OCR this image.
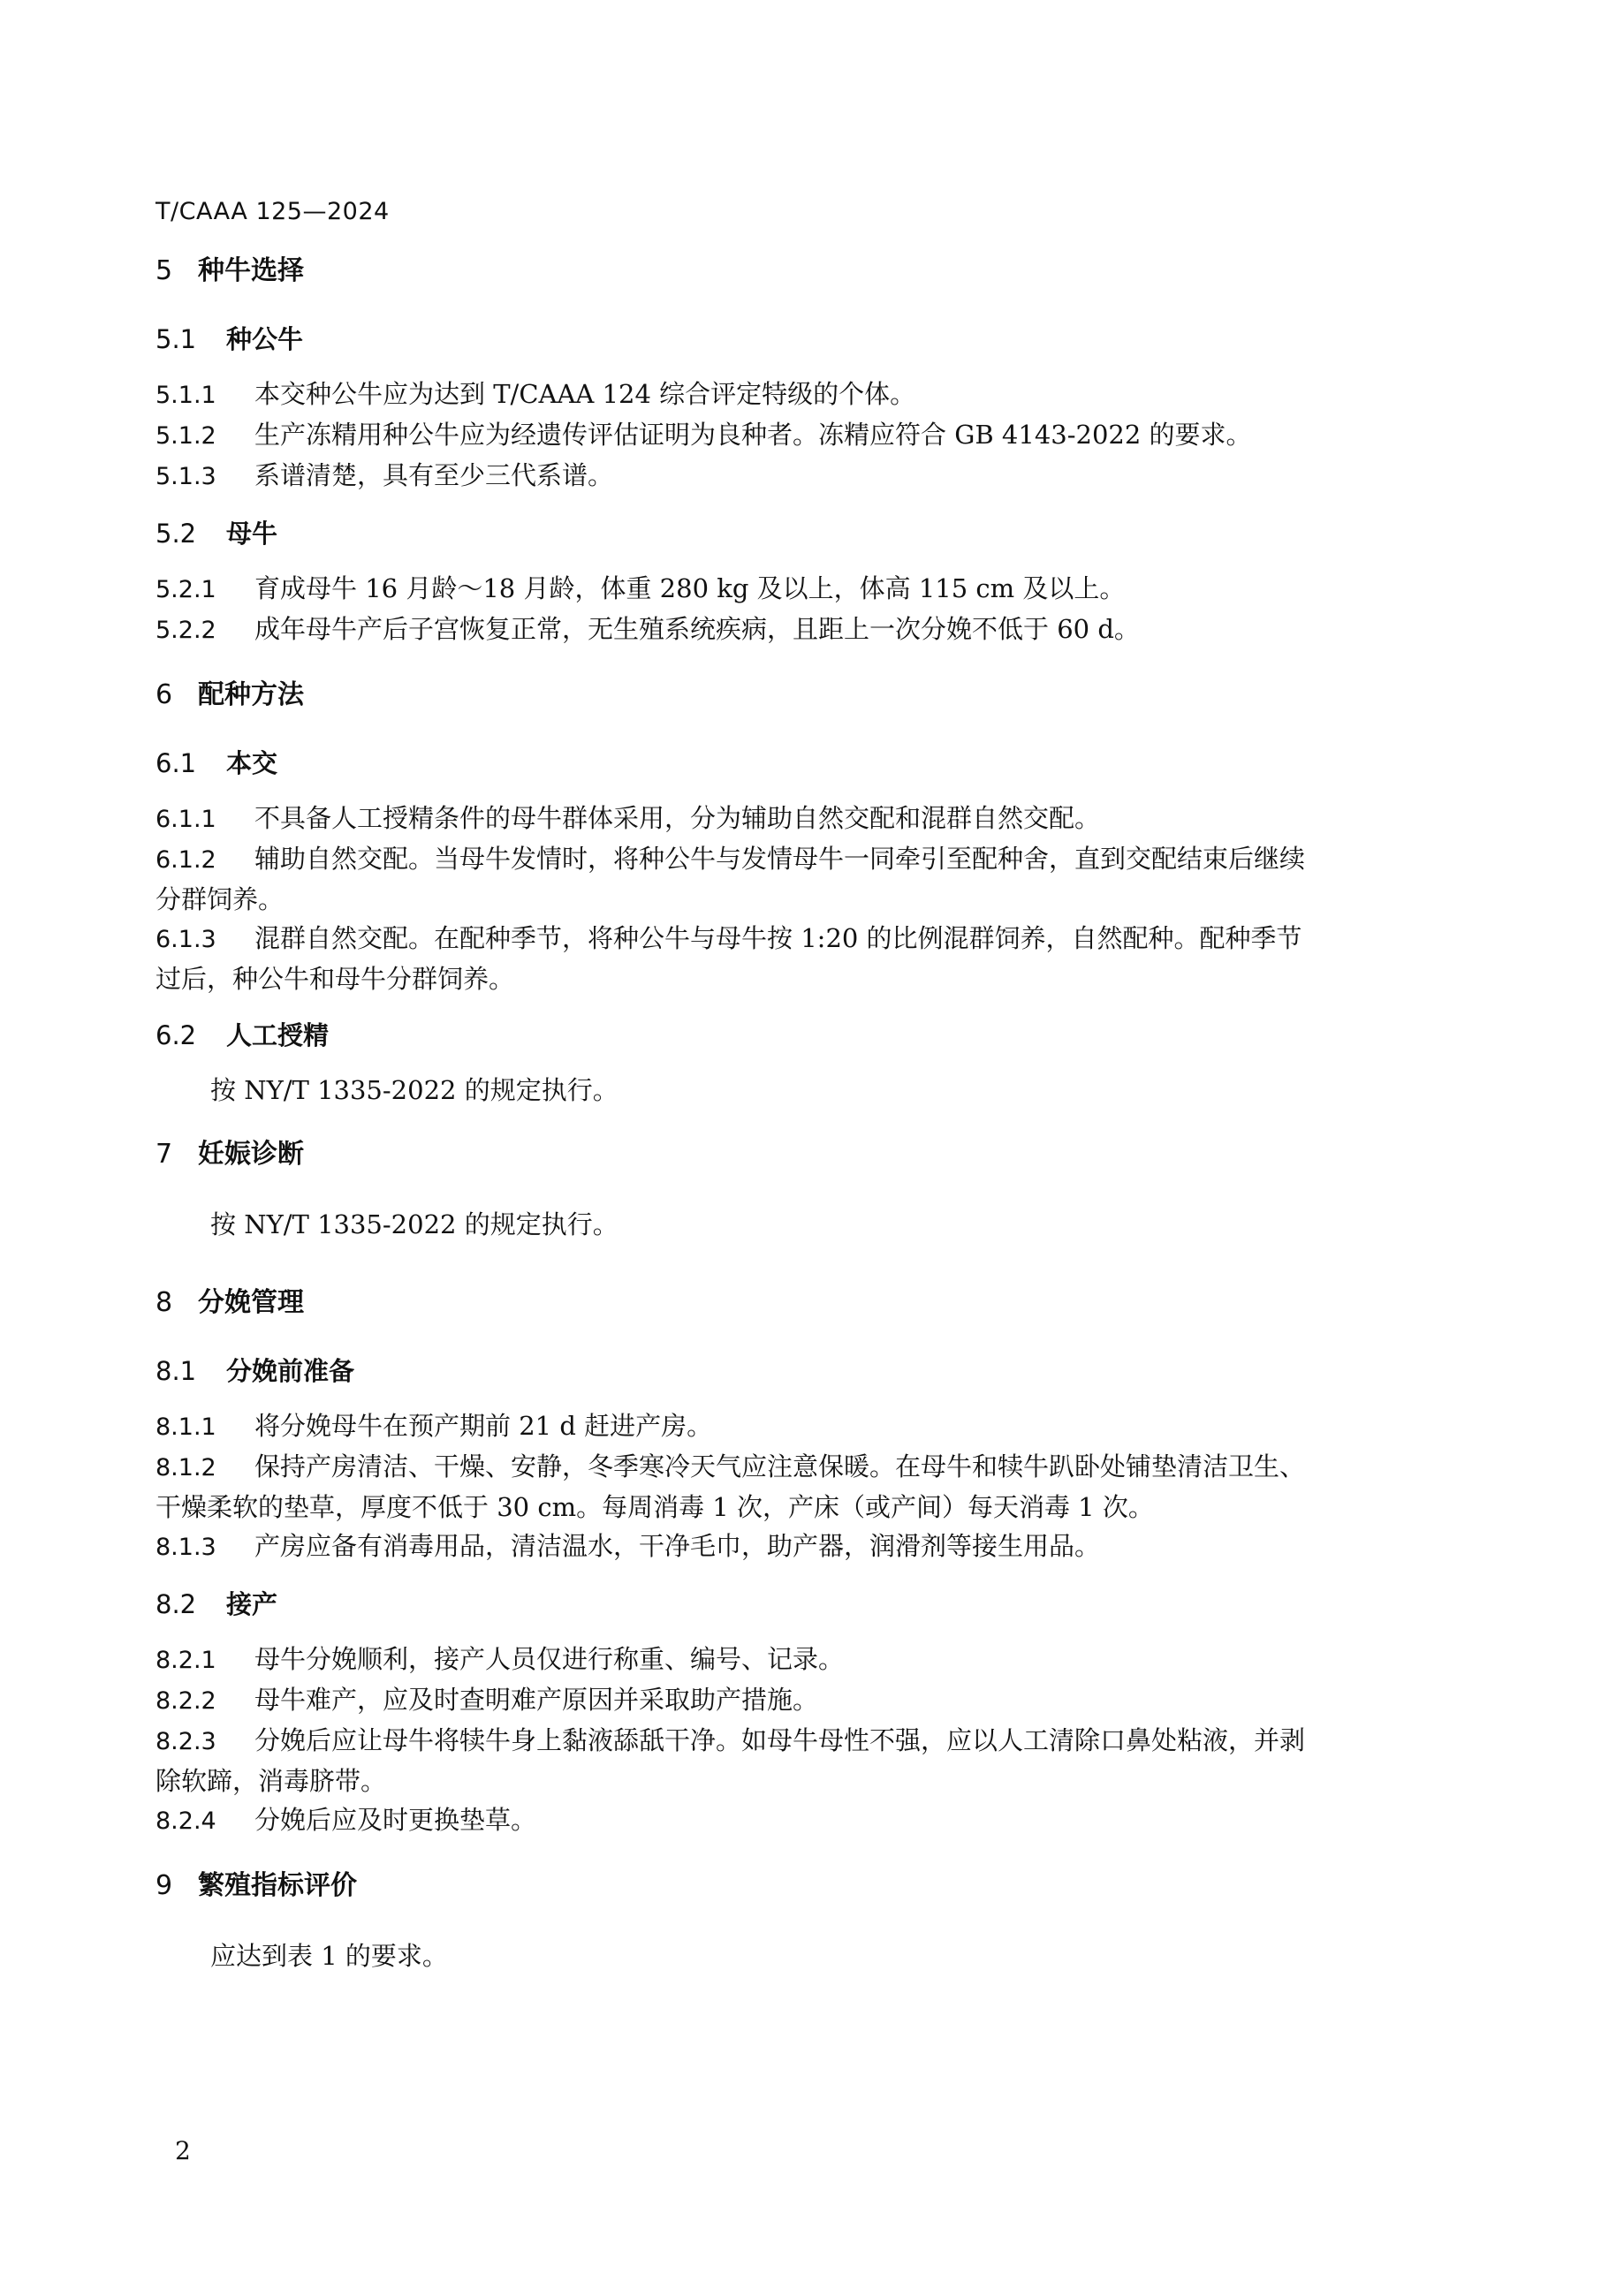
T/CAAA 125—2024
5 种牛选择
5.1 种公牛
5.1.1 本交种公牛应为达到 T/CAAA 124 综合评定特级的个体。
5.1.2 生产冻精用种公牛应为经遗传评估证明为良种者。冻精应符合 GB 4143-2022 的要求。
5.1.3 系谱清楚，具有至少三代系谱。
5.2 母牛
5.2.1 育成母牛 16 月龄～18 月龄，体重 280 kg 及以上，体高 115 cm 及以上。
5.2.2 成年母牛产后子宫恢复正常，无生殖系统疾病，且距上一次分娩不低于 60 d。
6 配种方法
6.1 本交
6.1.1 不具备人工授精条件的母牛群体采用，分为辅助自然交配和混群自然交配。
6.1.2 辅助自然交配。当母牛发情时，将种公牛与发情母牛一同牵引至配种舍，直到交配结束后继续
分群饲养。
6.1.3 混群自然交配。在配种季节，将种公牛与母牛按 1:20 的比例混群饲养，自然配种。配种季节
过后，种公牛和母牛分群饲养。
6.2 人工授精
按 NY/T 1335-2022 的规定执行。
7 妊娠诊断
按 NY/T 1335-2022 的规定执行。
8 分娩管理
8.1 分娩前准备
8.1.1 将分娩母牛在预产期前 21 d 赶进产房。
8.1.2 保持产房清洁、干燥、安静，冬季寒冷天气应注意保暖。在母牛和犊牛趴卧处铺垫清洁卫生、
干燥柔软的垫草，厚度不低于 30 cm。每周消毒 1 次，产床（或产间）每天消毒 1 次。
8.1.3 产房应备有消毒用品，清洁温水，干净毛巾，助产器，润滑剂等接生用品。
8.2 接产
8.2.1 母牛分娩顺利，接产人员仅进行称重、编号、记录。
8.2.2 母牛难产，应及时查明难产原因并采取助产措施。
8.2.3 分娩后应让母牛将犊牛身上黏液舔舐干净。如母牛母性不强，应以人工清除口鼻处粘液，并剥
除软蹄，消毒脐带。
8.2.4 分娩后应及时更换垫草。
9 繁殖指标评价
应达到表 1 的要求。
2
